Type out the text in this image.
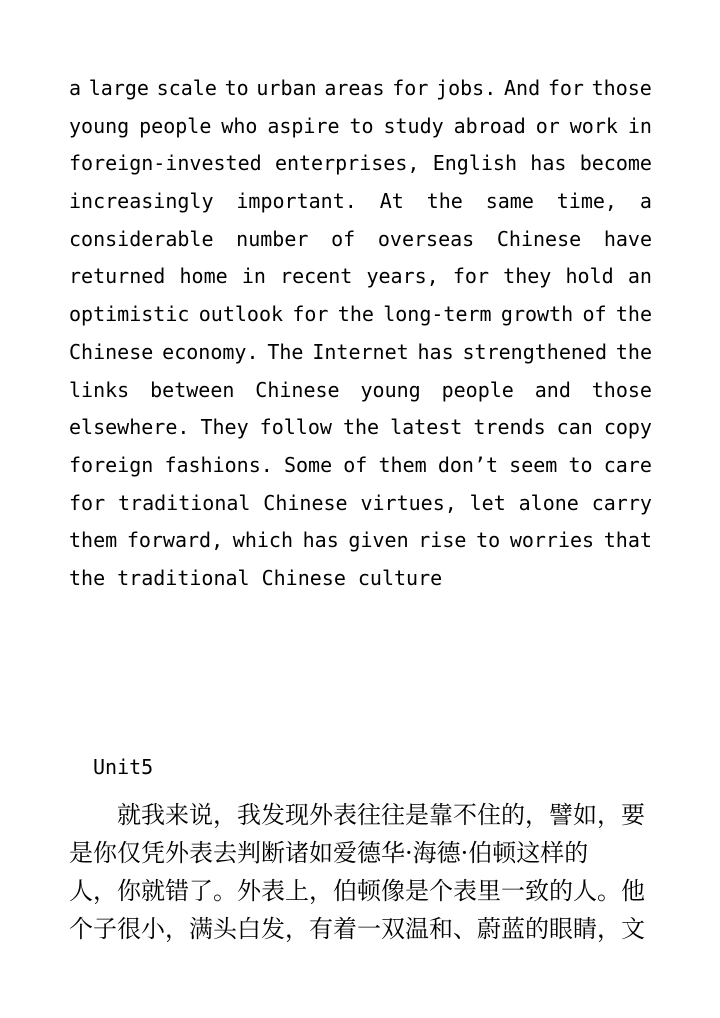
a large scale to urban areas for jobs. And for those
young people who aspire to study abroad or work in
foreign-invested enterprises, English has become
increasingly important. At the same time, a
considerable number of overseas Chinese have
returned home in recent years, for they hold an
optimistic outlook for the long-term growth of the
Chinese economy. The Internet has strengthened the
links between Chinese young people and those
elsewhere. They follow the latest trends can copy
foreign fashions. Some of them don’t seem to care
for traditional Chinese virtues, let alone carry
them forward, which has given rise to worries that
the traditional Chinese culture
Unit5
就我来说，我发现外表往往是靠不住的，譬如，要
是你仅凭外表去判断诸如爱德华·海德·伯顿这样的
人，你就错了。外表上，伯顿像是个表里一致的人。他
个子很小，满头白发，有着一双温和、蔚蓝的眼睛，文
